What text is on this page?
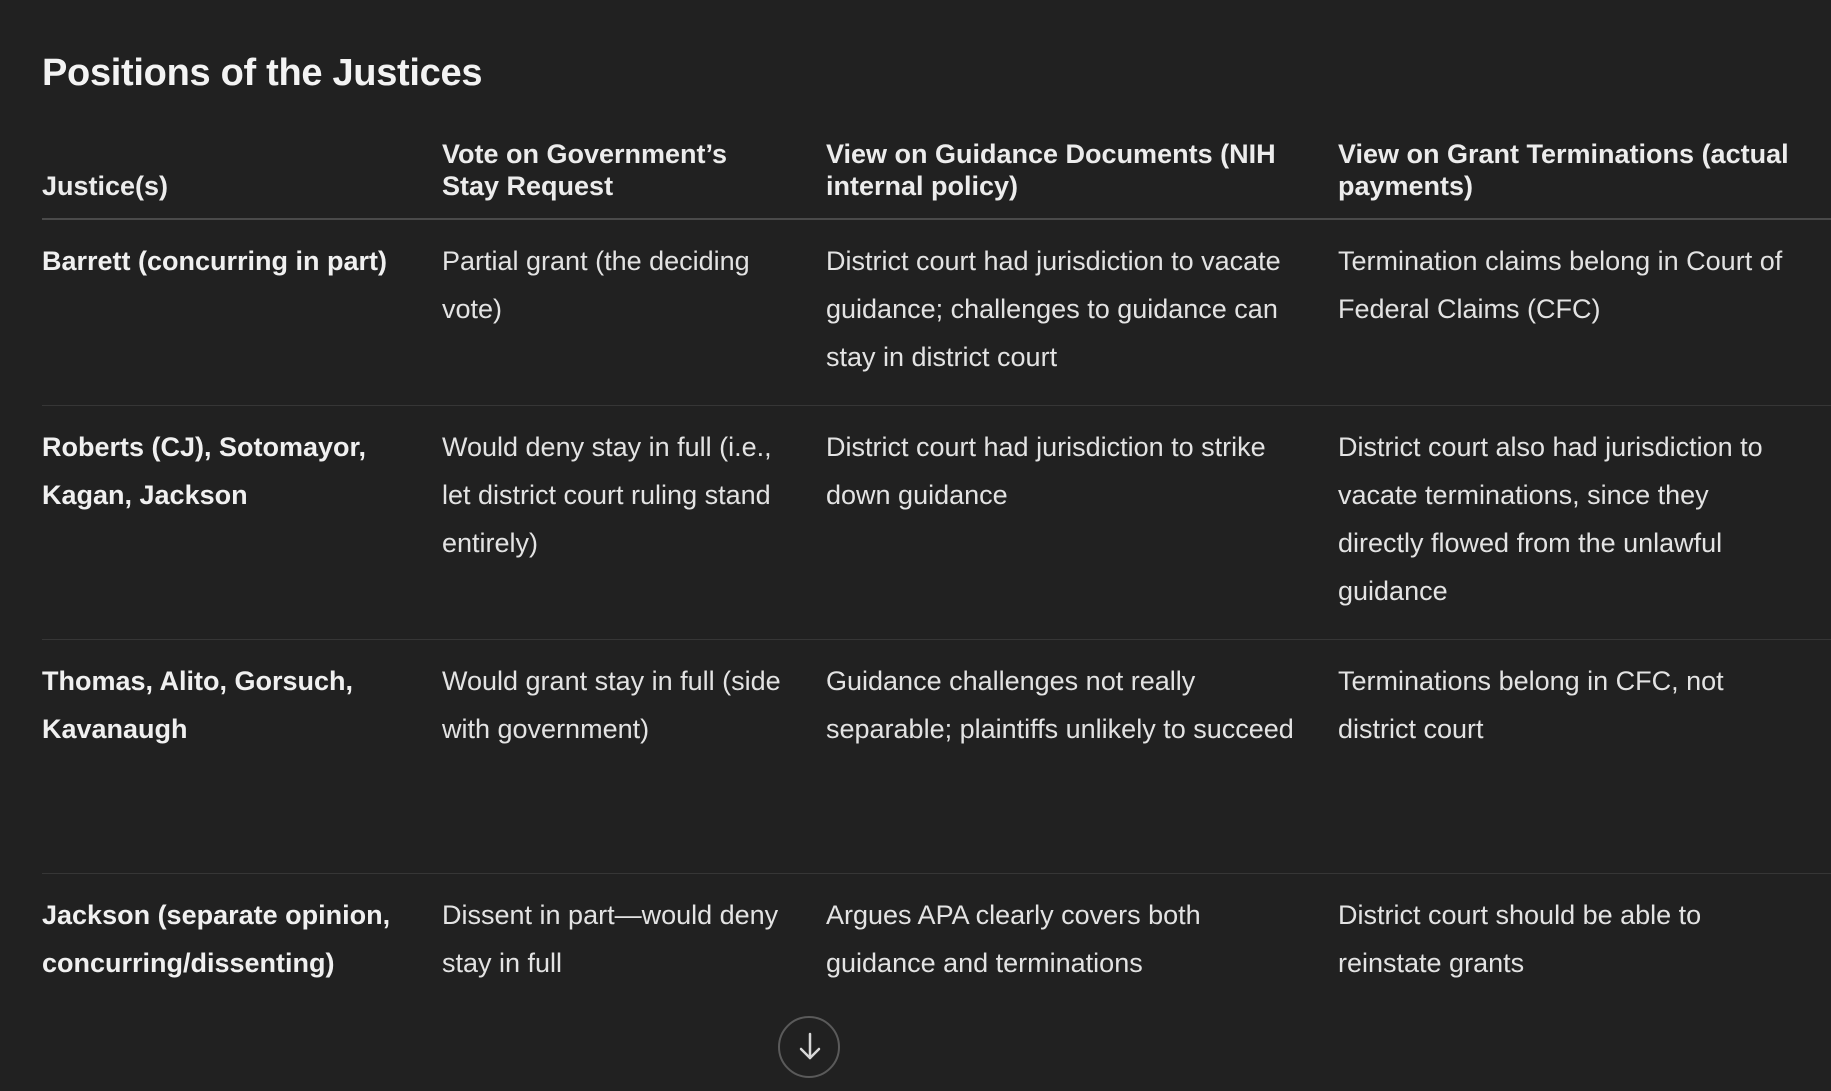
Positions of the Justices
Justice(s)	Vote on Government’s Stay Request	View on Guidance Documents (NIH internal policy)	View on Grant Terminations (actual payments)
Barrett (concurring in part)	Partial grant (the deciding vote)	District court had jurisdiction to vacate guidance; challenges to guidance can stay in district court	Termination claims belong in Court of Federal Claims (CFC)
Roberts (CJ), Sotomayor, Kagan, Jackson	Would deny stay in full (i.e., let district court ruling stand entirely)	District court had jurisdiction to strike down guidance	District court also had jurisdiction to vacate terminations, since they directly flowed from the unlawful guidance
Thomas, Alito, Gorsuch, Kavanaugh	Would grant stay in full (side with government)	Guidance challenges not really separable; plaintiffs unlikely to succeed	Terminations belong in CFC, not district court
Jackson (separate opinion, concurring/dissenting)	Dissent in part—would deny stay in full	Argues APA clearly covers both guidance and terminations	District court should be able to reinstate grants
